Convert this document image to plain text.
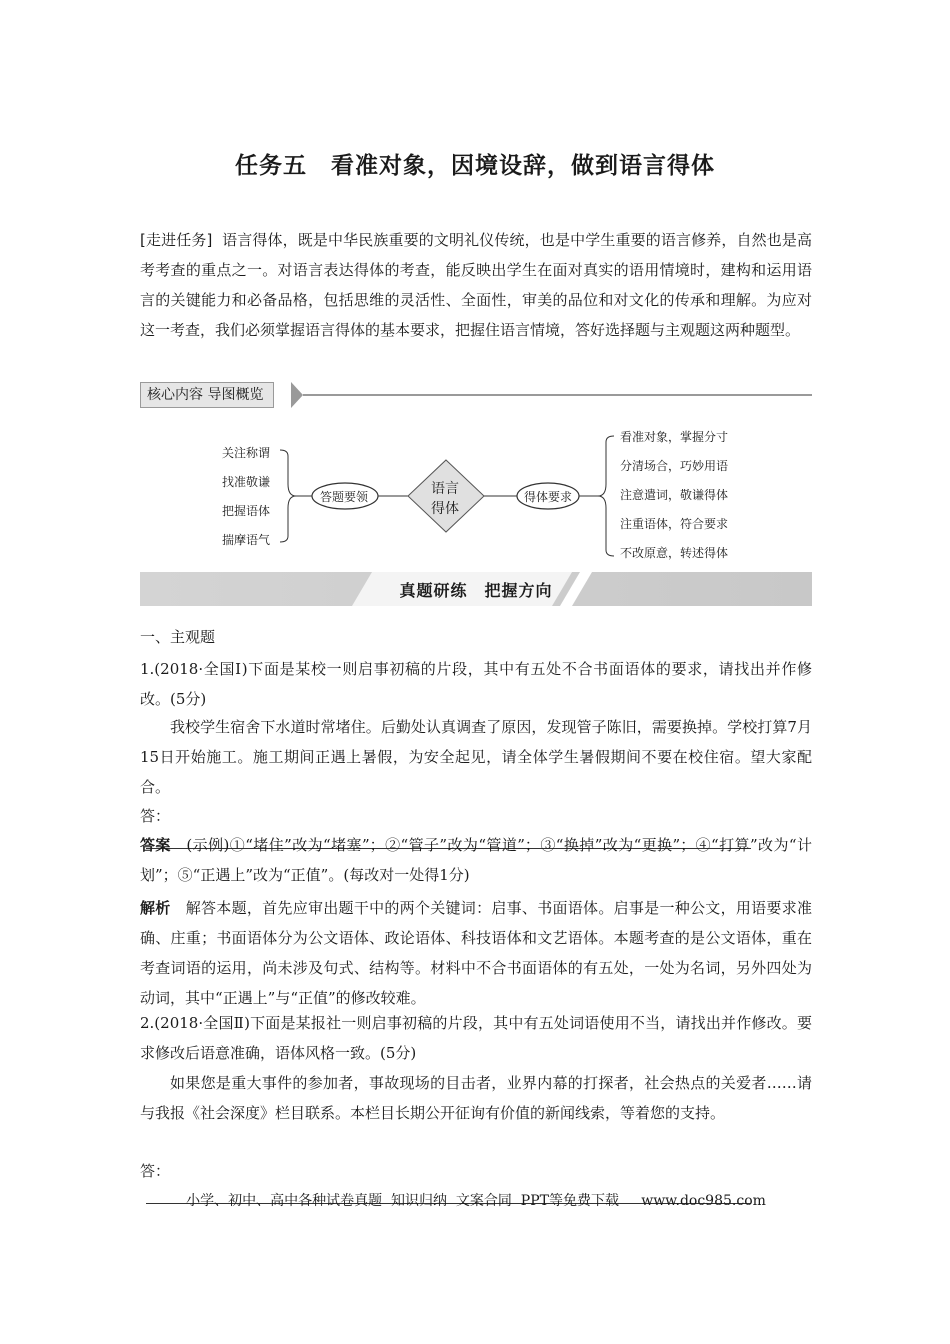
任务五　看准对象，因境设辞，做到语言得体
[走进任务] 语言得体，既是中华民族重要的文明礼仪传统，也是中学生重要的语言修养，自然也是高考考查的重点之一。对语言表达得体的考查，能反映出学生在面对真实的语用情境时，建构和运用语言的关键能力和必备品格，包括思维的灵活性、全面性，审美的品位和对文化的传承和理解。为应对这一考查，我们必须掌握语言得体的基本要求，把握住语言情境，答好选择题与主观题这两种题型。
核心内容 导图概览
关注称谓
找准敬谦
把握语体
揣摩语气
答题要领	语言
得体
得体要求
看准对象，掌握分寸
分清场合，巧妙用语
注意遣词，敬谦得体
注重语体，符合要求
不改原意，转述得体
真题研练　把握方向
一、主观题
1.(2018·全国Ⅰ)下面是某校一则启事初稿的片段，其中有五处不合书面语体的要求，请找出并作修改。(5分)
我校学生宿舍下水道时常堵住。后勤处认真调查了原因，发现管子陈旧，需要换掉。学校打算7月15日开始施工。施工期间正遇上暑假，为安全起见，请全体学生暑假期间不要在校住宿。望大家配合。
答：
答案 (示例)①“堵住”改为“堵塞”；②“管子”改为“管道”；③“换掉”改为“更换”；④“打算”改为“计划”；⑤“正遇上”改为“正值”。(每改对一处得1分)
解析 解答本题，首先应审出题干中的两个关键词：启事、书面语体。启事是一种公文，用语要求准确、庄重；书面语体分为公文语体、政论语体、科技语体和文艺语体。本题考查的是公文语体，重在考查词语的运用，尚未涉及句式、结构等。材料中不合书面语体的有五处，一处为名词，另外四处为动词，其中“正遇上”与“正值”的修改较难。
2.(2018·全国Ⅱ)下面是某报社一则启事初稿的片段，其中有五处词语使用不当，请找出并作修改。要求修改后语意准确，语体风格一致。(5分)
如果您是重大事件的参加者，事故现场的目击者，业界内幕的打探者，社会热点的关爱者……请与我报《社会深度》栏目联系。本栏目长期公开征询有价值的新闻线索，等着您的支持。
答：
小学、初中、高中各种试卷真题  知识归纳  文案合同  PPT等免费下载     www.doc985.com
